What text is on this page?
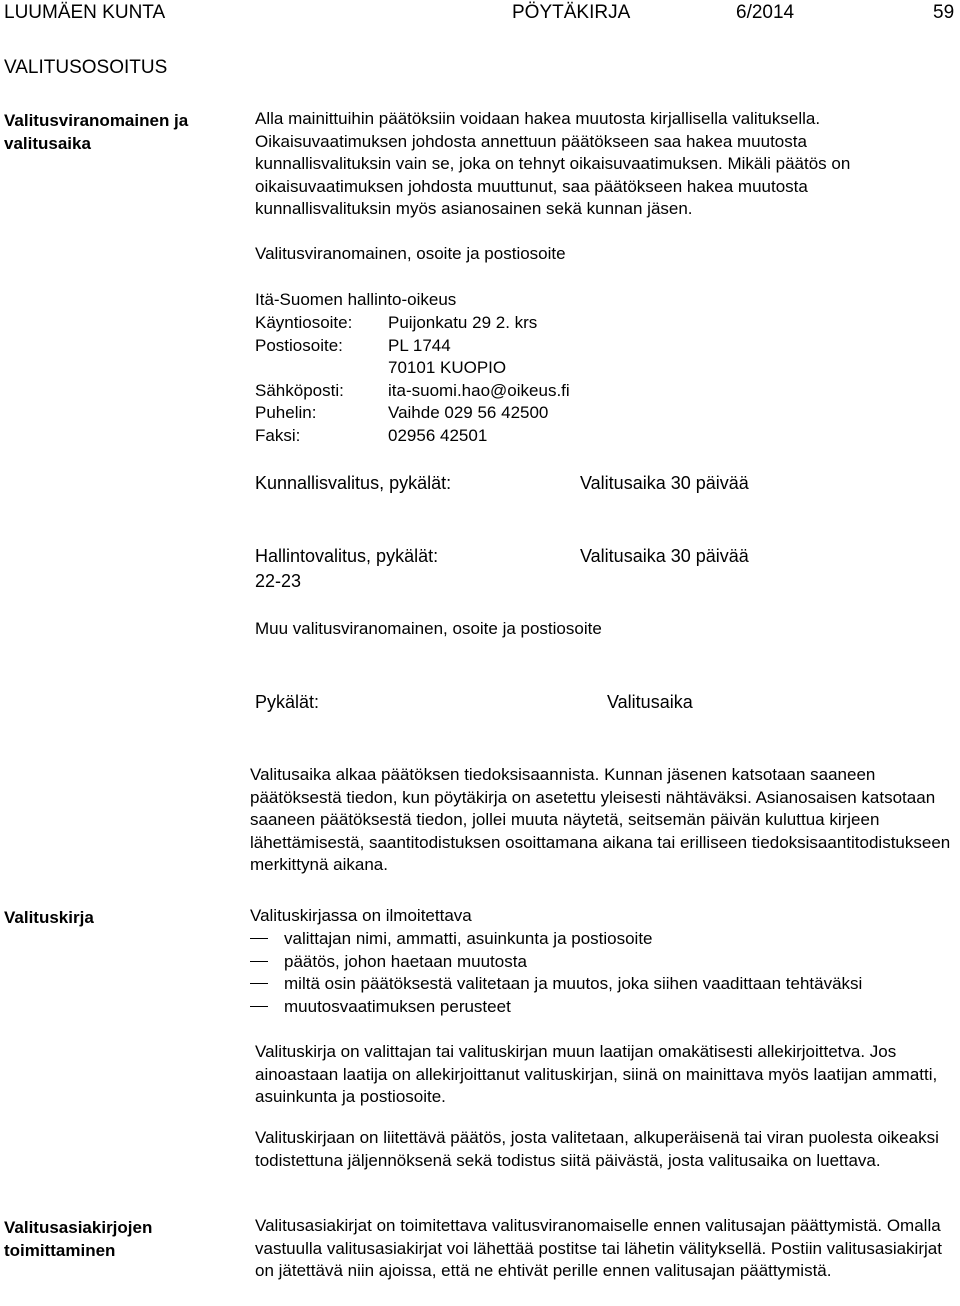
LUUMÄEN KUNTA	PÖYTÄKIRJA	6/2014	59
VALITUSOSOITUS
Valitusviranomainen ja valitusaika
Alla mainittuihin päätöksiin voidaan hakea muutosta kirjallisella valituksella. Oikaisuvaatimuksen johdosta annettuun päätökseen saa hakea muutosta kunnallisvalituksin vain se, joka on tehnyt oikaisuvaatimuksen. Mikäli päätös on oikaisuvaatimuksen johdosta muuttunut, saa päätökseen hakea muutosta kunnallisvalituksin myös asianosainen sekä kunnan jäsen.
Valitusviranomainen, osoite ja postiosoite
Itä-Suomen hallinto-oikeus
Käyntiosoite:	Puijonkatu 29 2. krs
Postiosoite:	PL 1744
	70101 KUOPIO
Sähköposti:	ita-suomi.hao@oikeus.fi
Puhelin:	Vaihde 029 56 42500
Faksi:	02956 42501
Kunnallisvalitus, pykälät:	Valitusaika 30 päivää
Hallintovalitus, pykälät:	Valitusaika 30 päivää
22-23
Muu valitusviranomainen, osoite ja postiosoite
Pykälät:	Valitusaika
Valitusaika alkaa päätöksen tiedoksisaannista. Kunnan jäsenen katsotaan saaneen päätöksestä tiedon, kun pöytäkirja on asetettu yleisesti nähtäväksi. Asianosaisen katsotaan saaneen päätöksestä tiedon, jollei muuta näytetä, seitsemän päivän kuluttua kirjeen lähettämisestä, saantitodistuksen osoittamana aikana tai erilliseen tiedoksisaantitodistukseen merkittynä aikana.
Valituskirja	Valituskirjassa on ilmoitettava
valittajan nimi, ammatti, asuinkunta ja postiosoite
päätös, johon haetaan muutosta
miltä osin päätöksestä valitetaan ja muutos, joka siihen vaadittaan tehtäväksi
muutosvaatimuksen perusteet
Valituskirja on valittajan tai valituskirjan muun laatijan omakätisesti allekirjoittetva. Jos ainoastaan laatija on allekirjoittanut valituskirjan, siinä on mainittava myös laatijan ammatti, asuinkunta ja postiosoite.
Valituskirjaan on liitettävä päätös, josta valitetaan, alkuperäisenä tai viran puolesta oikeaksi todistettuna jäljennöksenä sekä todistus siitä päivästä, josta valitusaika on luettava.
Valitusasiakirjojen toimittaminen
Valitusasiakirjat on toimitettava valitusviranomaiselle ennen valitusajan päättymistä. Omalla vastuulla valitusasiakirjat voi lähettää postitse tai lähetin välityksellä. Postiin valitusasiakirjat on jätettävä niin ajoissa, että ne ehtivät perille ennen valitusajan päättymistä.
